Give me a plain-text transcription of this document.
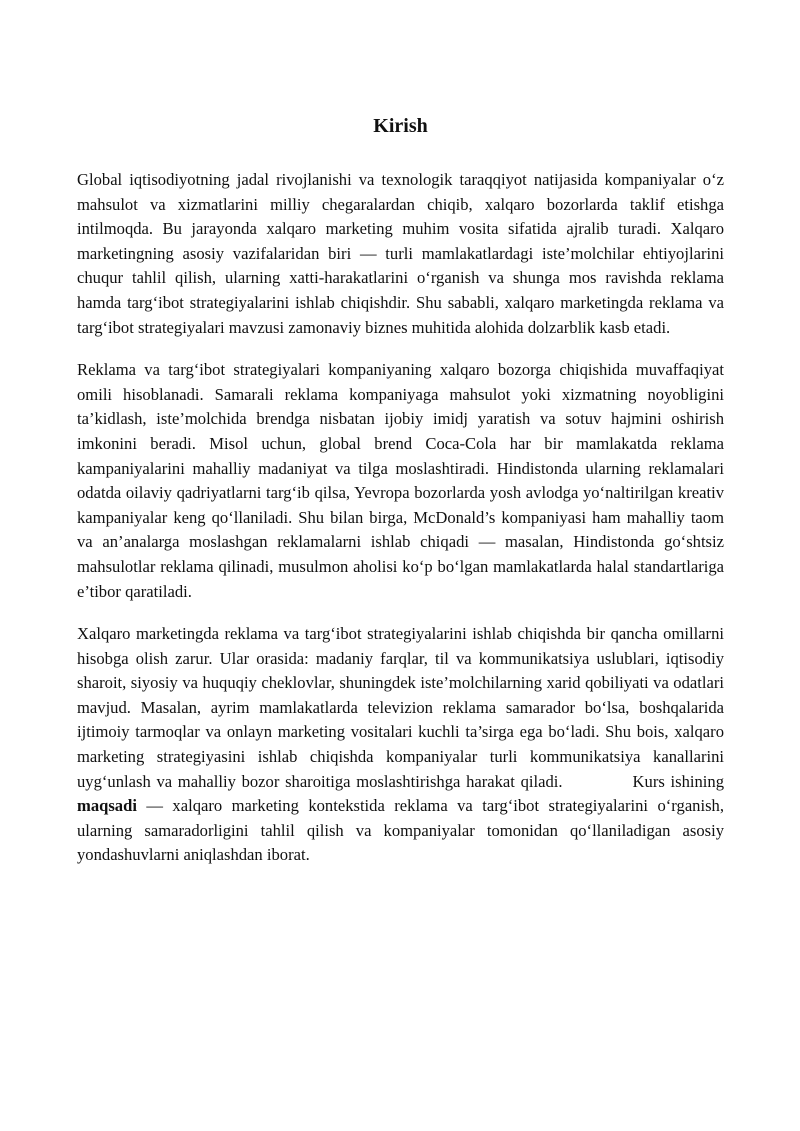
Kirish

Global iqtisodiyotning jadal rivojlanishi va texnologik taraqqiyot natijasida kompaniyalar o‘z mahsulot va xizmatlarini milliy chegaralardan chiqib, xalqaro bozorlarda taklif etishga intilmoqda. Bu jarayonda xalqaro marketing muhim vosita sifatida ajralib turadi. Xalqaro marketingning asosiy vazifalaridan biri — turli mamlakatlardagi iste’molchilar ehtiyojlarini chuqur tahlil qilish, ularning xatti-harakatlarini o‘rganish va shunga mos ravishda reklama hamda targ‘ibot strategiyalarini ishlab chiqishdir. Shu sababli, xalqaro marketingda reklama va targ‘ibot strategiyalari mavzusi zamonaviy biznes muhitida alohida dolzarblik kasb etadi.

Reklama va targ‘ibot strategiyalari kompaniyaning xalqaro bozorga chiqishida muvaffaqiyat omili hisoblanadi. Samarali reklama kompaniyaga mahsulot yoki xizmatning noyobligini ta’kidlash, iste’molchida brendga nisbatan ijobiy imidj yaratish va sotuv hajmini oshirish imkonini beradi. Misol uchun, global brend Coca-Cola har bir mamlakatda reklama kampaniyalarini mahalliy madaniyat va tilga moslashtiradi. Hindistonda ularning reklamalari odatda oilaviy qadriyatlarni targ‘ib qilsa, Yevropa bozorlarda yosh avlodga yo‘naltirilgan kreativ kampaniyalar keng qo‘llaniladi. Shu bilan birga, McDonald’s kompaniyasi ham mahalliy taom va an’analarga moslashgan reklamalarni ishlab chiqadi — masalan, Hindistonda go‘shtsiz mahsulotlar reklama qilinadi, musulmon aholisi ko‘p bo‘lgan mamlakatlarda halal standartlariga e’tibor qaratiladi.

Xalqaro marketingda reklama va targ‘ibot strategiyalarini ishlab chiqishda bir qancha omillarni hisobga olish zarur. Ular orasida: madaniy farqlar, til va kommunikatsiya uslublari, iqtisodiy sharoit, siyosiy va huquqiy cheklovlar, shuningdek iste’molchilarning xarid qobiliyati va odatlari mavjud. Masalan, ayrim mamlakatlarda televizion reklama samarador bo‘lsa, boshqalarida ijtimoiy tarmoqlar va onlayn marketing vositalari kuchli ta’sirga ega bo‘ladi. Shu bois, xalqaro marketing strategiyasini ishlab chiqishda kompaniyalar turli kommunikatsiya kanallarini uyg‘unlash va mahalliy bozor sharoitiga moslashtirishga harakat qiladi.	Kurs ishining maqsadi — xalqaro marketing kontekstida reklama va targ‘ibot strategiyalarini o‘rganish, ularning samaradorligini tahlil qilish va kompaniyalar tomonidan qo‘llaniladigan asosiy yondashuvlarni aniqlashdan iborat.
